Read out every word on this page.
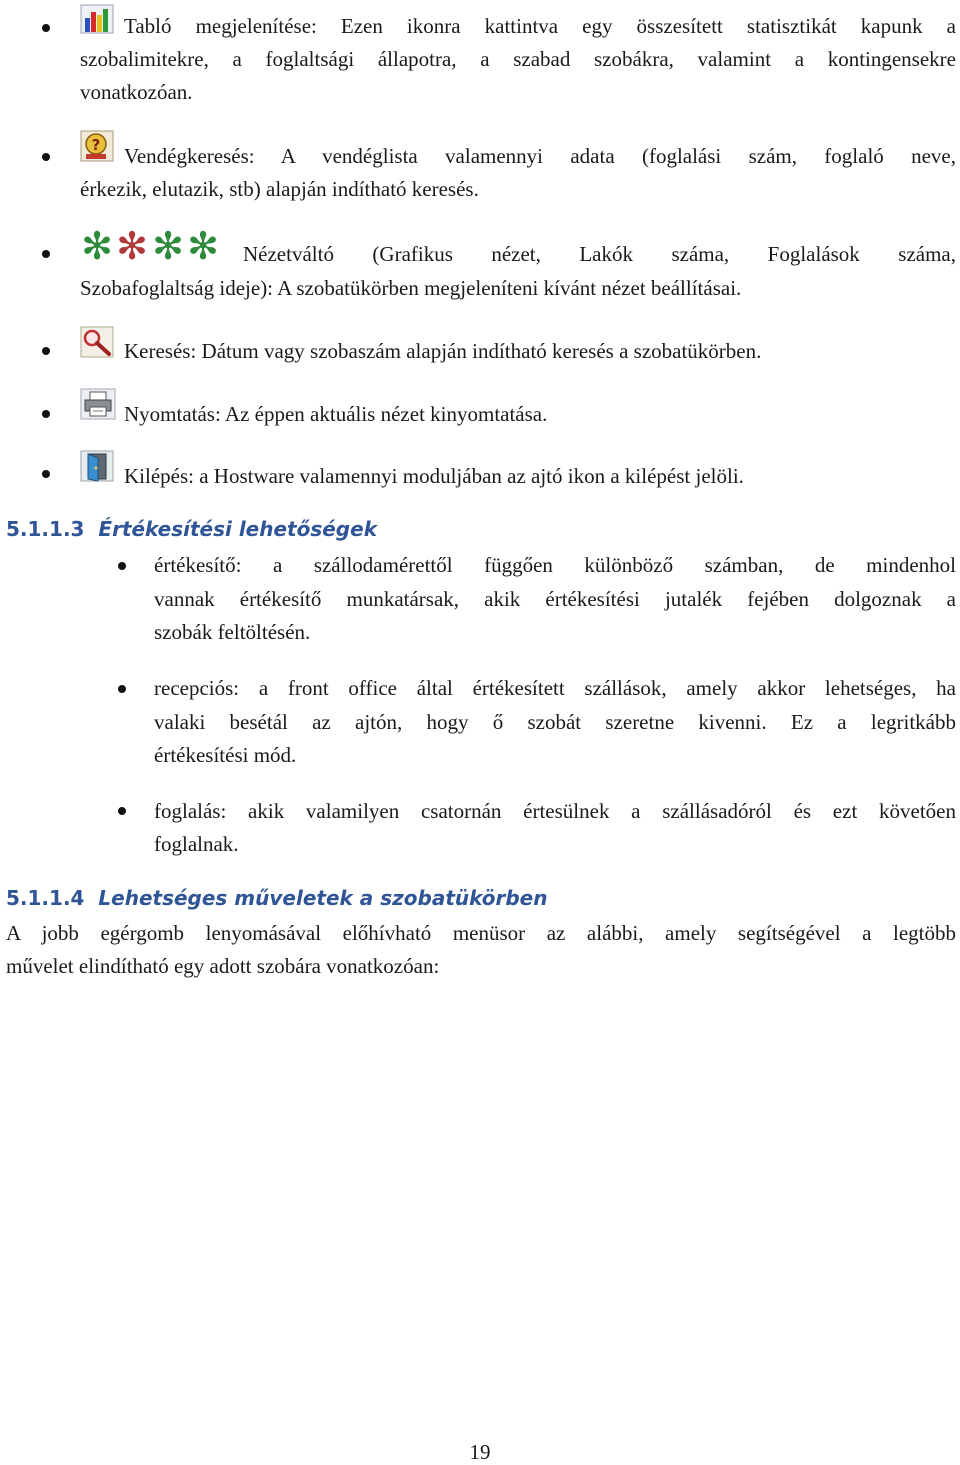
Tabló megjelenítése: Ezen ikonra kattintva egy összesített statisztikát kapunk a
szobalimitekre, a foglaltsági állapotra, a szabad szobákra, valamint a kontingensekre
vonatkozóan.
? Vendégkeresés: A vendéglista valamennyi adata (foglalási szám, foglaló neve,
érkezik, elutazik, stb) alapján indítható keresés.
✻ ✻ ✻ ✻ Nézetváltó (Grafikus nézet, Lakók száma, Foglalások száma,
Szobafoglaltság ideje): A szobatükörben megjeleníteni kívánt nézet beállításai.
Keresés: Dátum vagy szobaszám alapján indítható keresés a szobatükörben.
Nyomtatás: Az éppen aktuális nézet kinyomtatása.
Kilépés: a Hostware valamennyi moduljában az ajtó ikon a kilépést jelöli.
5.1.1.3 Értékesítési lehetőségek
értékesítő: a szállodamérettől függően különböző számban, de mindenhol
vannak értékesítő munkatársak, akik értékesítési jutalék fejében dolgoznak a
szobák feltöltésén.
recepciós: a front office által értékesített szállások, amely akkor lehetséges, ha
valaki besétál az ajtón, hogy ő szobát szeretne kivenni. Ez a legritkább
értékesítési mód.
foglalás: akik valamilyen csatornán értesülnek a szállásadóról és ezt követően
foglalnak.
5.1.1.4 Lehetséges műveletek a szobatükörben
A jobb egérgomb lenyomásával előhívható menüsor az alábbi, amely segítségével a legtöbb
művelet elindítható egy adott szobára vonatkozóan:
19
